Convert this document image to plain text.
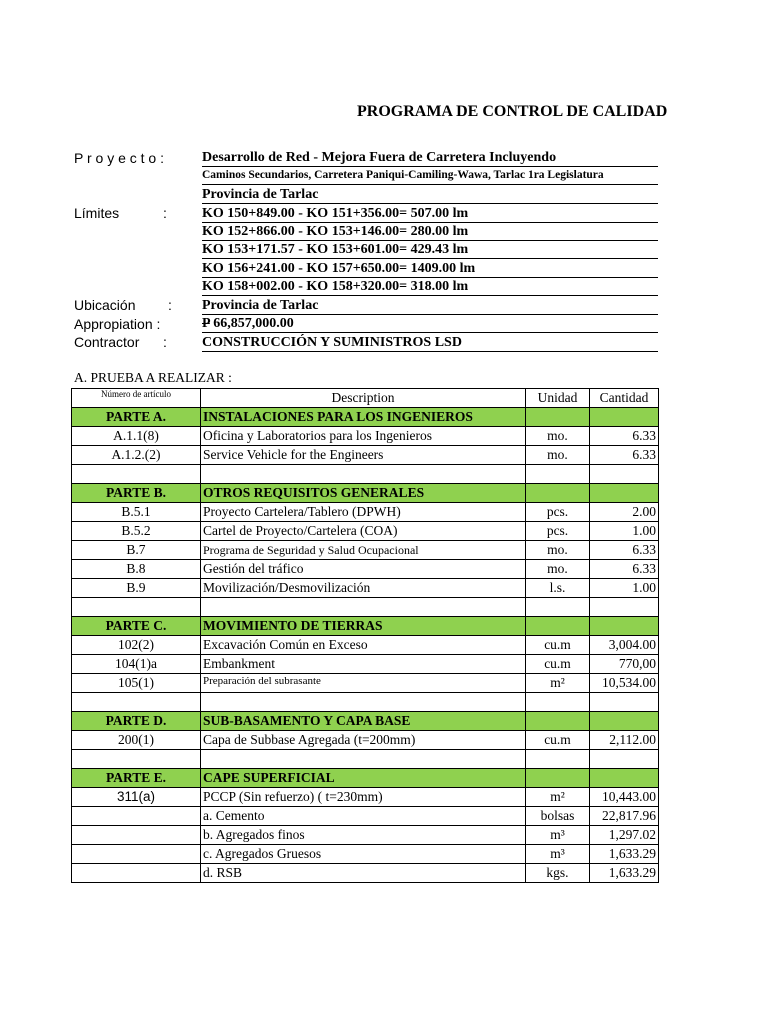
PROGRAMA DE CONTROL DE CALIDAD
P r o y e c t o :	Desarrollo de Red - Mejora Fuera de Carretera Incluyendo
Caminos Secundarios, Carretera Paniqui-Camiling-Wawa, Tarlac 1ra Legislatura
Provincia de Tarlac
Límites	:	KO 150+849.00 - KO 151+356.00= 507.00 lm
KO 152+866.00 - KO 153+146.00= 280.00 lm
KO 153+171.57 - KO 153+601.00= 429.43 lm
KO 156+241.00 - KO 157+650.00= 1409.00 lm
KO 158+002.00 - KO 158+320.00= 318.00 lm
Ubicación : Provincia de Tarlac
Appropiation :	P 66,857,000.00
Contractor :	CONSTRUCCIÓN Y SUMINISTROS LSD
A. PRUEBA A REALIZAR :
Número de artículo	Description	Unidad	Cantidad
PARTE A.	INSTALACIONES PARA LOS INGENIEROS		
A.1.1(8)	Oficina y Laboratorios para los Ingenieros	mo.	6.33
A.1.2.(2)	Service Vehicle for the Engineers	mo.	6.33

PARTE B.	OTROS REQUISITOS GENERALES		
B.5.1	Proyecto Cartelera/Tablero (DPWH)	pcs.	2.00
B.5.2	Cartel de Proyecto/Cartelera (COA)	pcs.	1.00
B.7	Programa de Seguridad y Salud Ocupacional	mo.	6.33
B.8	Gestión del tráfico	mo.	6.33
B.9	Movilización/Desmovilización	l.s.	1.00

PARTE C.	MOVIMIENTO DE TIERRAS		
102(2)	Excavación Común en Exceso	cu.m	3,004.00
104(1)a	Embankment	cu.m	770,00
105(1)	Preparación del subrasante	m²	10,534.00

PARTE D.	SUB-BASAMENTO Y CAPA BASE		
200(1)	Capa de Subbase Agregada (t=200mm)	cu.m	2,112.00

PARTE E.	CAPE SUPERFICIAL		
311(a)	PCCP (Sin refuerzo) ( t=230mm)	m²	10,443.00
	a. Cemento	bolsas	22,817.96
	b. Agregados finos	m³	1,297.02
	c. Agregados Gruesos	m³	1,633.29
	d. RSB	kgs.	1,633.29
